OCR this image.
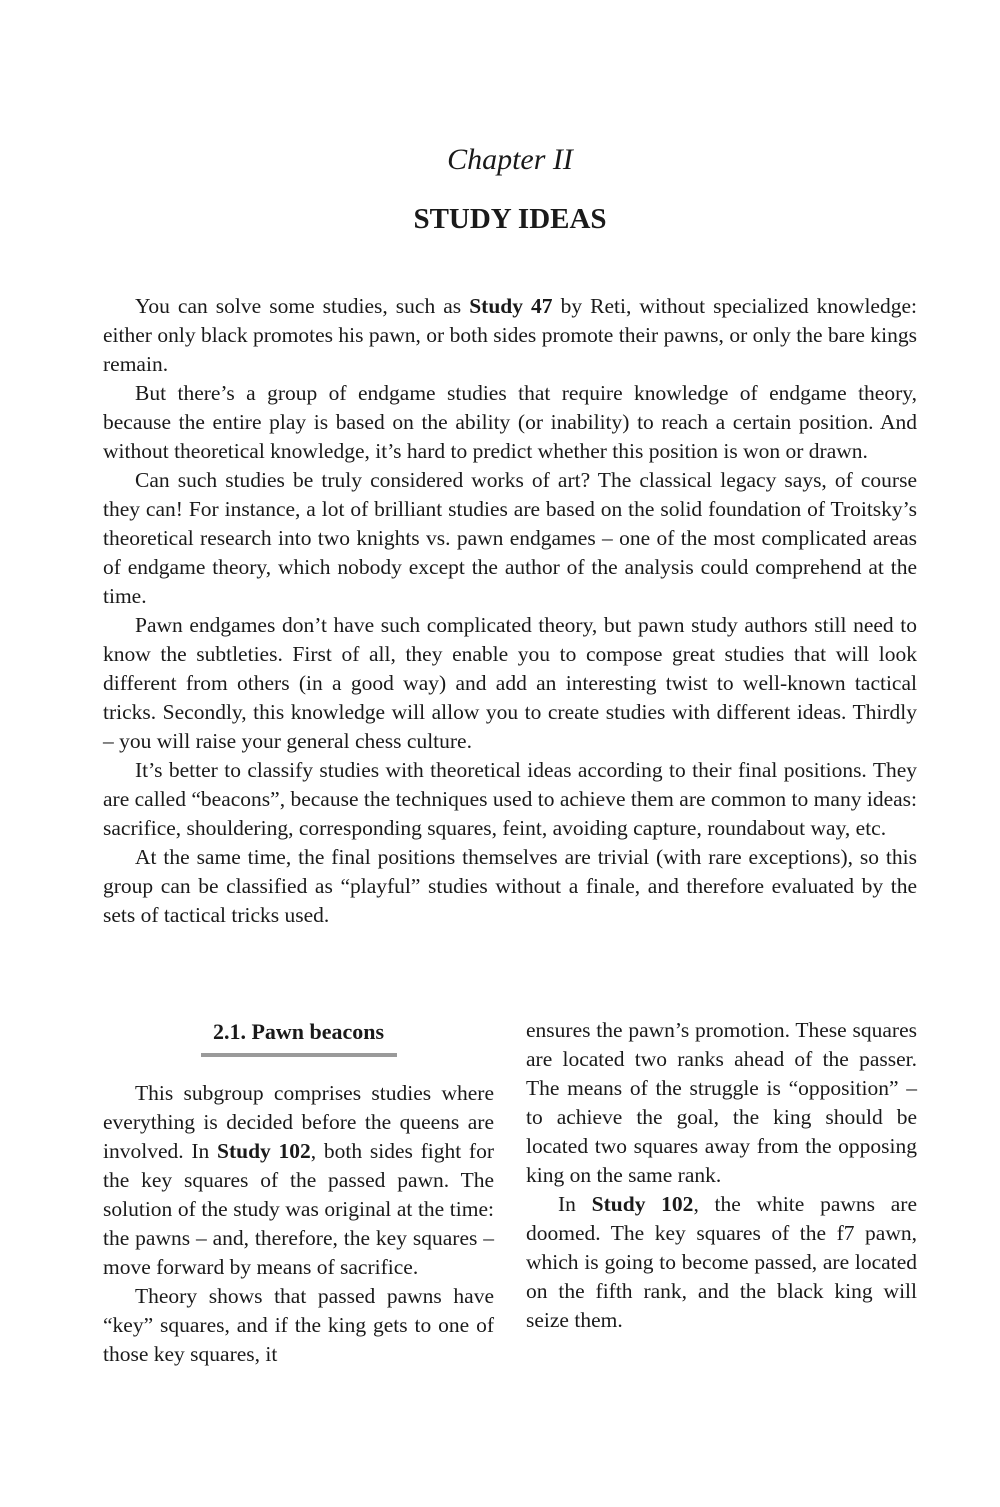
Chapter II
STUDY IDEAS

You can solve some studies, such as Study 47 by Reti, without specialized knowledge: either only black promotes his pawn, or both sides promote their pawns, or only the bare kings remain.

But there’s a group of endgame studies that require knowledge of endgame theory, because the entire play is based on the ability (or inability) to reach a certain position. And without theoretical knowledge, it’s hard to predict whether this position is won or drawn.

Can such studies be truly considered works of art? The classical legacy says, of course they can! For instance, a lot of brilliant studies are based on the solid foundation of Troitsky’s theoretical research into two knights vs. pawn endgames – one of the most complicated areas of endgame theory, which nobody except the author of the analysis could comprehend at the time.

Pawn endgames don’t have such complicated theory, but pawn study authors still need to know the subtleties. First of all, they enable you to compose great studies that will look different from others (in a good way) and add an interesting twist to well-known tactical tricks. Secondly, this knowledge will allow you to create studies with different ideas. Thirdly – you will raise your general chess culture.

It’s better to classify studies with theoretical ideas according to their final positions. They are called “beacons”, because the techniques used to achieve them are common to many ideas: sacrifice, shouldering, corresponding squares, feint, avoiding capture, roundabout way, etc.

At the same time, the final positions themselves are trivial (with rare exceptions), so this group can be classified as “playful” studies without a finale, and therefore evaluated by the sets of tactical tricks used.

2.1. Pawn beacons

This subgroup comprises studies where everything is decided before the queens are involved. In Study 102, both sides fight for the key squares of the passed pawn. The solution of the study was original at the time: the pawns – and, therefore, the key squares – move forward by means of sacrifice.

Theory shows that passed pawns have “key” squares, and if the king gets to one of those key squares, it

ensures the pawn’s promotion. These squares are located two ranks ahead of the passer. The means of the struggle is “opposition” – to achieve the goal, the king should be located two squares away from the opposing king on the same rank.

In Study 102, the white pawns are doomed. The key squares of the f7 pawn, which is going to become passed, are located on the fifth rank, and the black king will seize them.
